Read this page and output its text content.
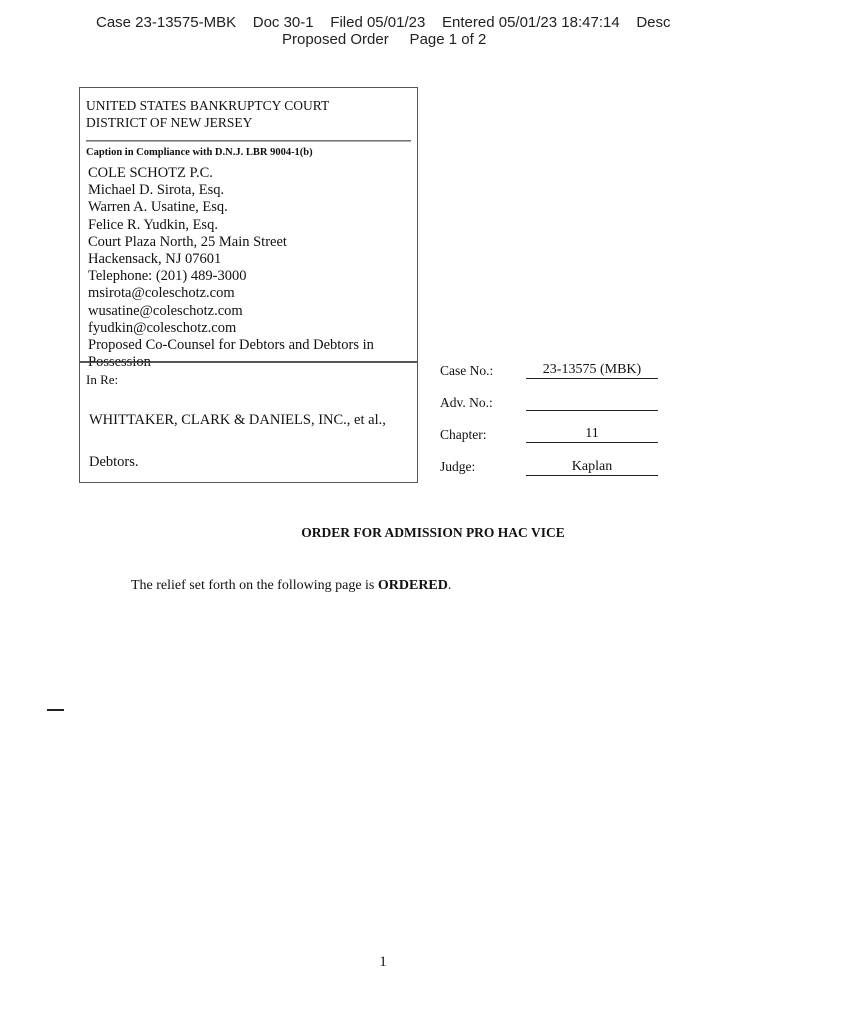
Case 23-13575-MBK    Doc 30-1    Filed 05/01/23    Entered 05/01/23 18:47:14    Desc
Proposed Order     Page 1 of 2
UNITED STATES BANKRUPTCY COURT
DISTRICT OF NEW JERSEY
Caption in Compliance with D.N.J. LBR 9004-1(b)
COLE SCHOTZ P.C.
Michael D. Sirota, Esq.
Warren A. Usatine, Esq.
Felice R. Yudkin, Esq.
Court Plaza North, 25 Main Street
Hackensack, NJ 07601
Telephone: (201) 489-3000
msirota@coleschotz.com
wusatine@coleschotz.com
fyudkin@coleschotz.com
Proposed Co-Counsel for Debtors and Debtors in
Possession
In Re:
WHITTAKER, CLARK & DANIELS, INC., et al.,
Debtors.
Case No.:	23-13575 (MBK)
Adv. No.:
Chapter:	11
Judge:	Kaplan
ORDER FOR ADMISSION PRO HAC VICE
The relief set forth on the following page is ORDERED.
1
